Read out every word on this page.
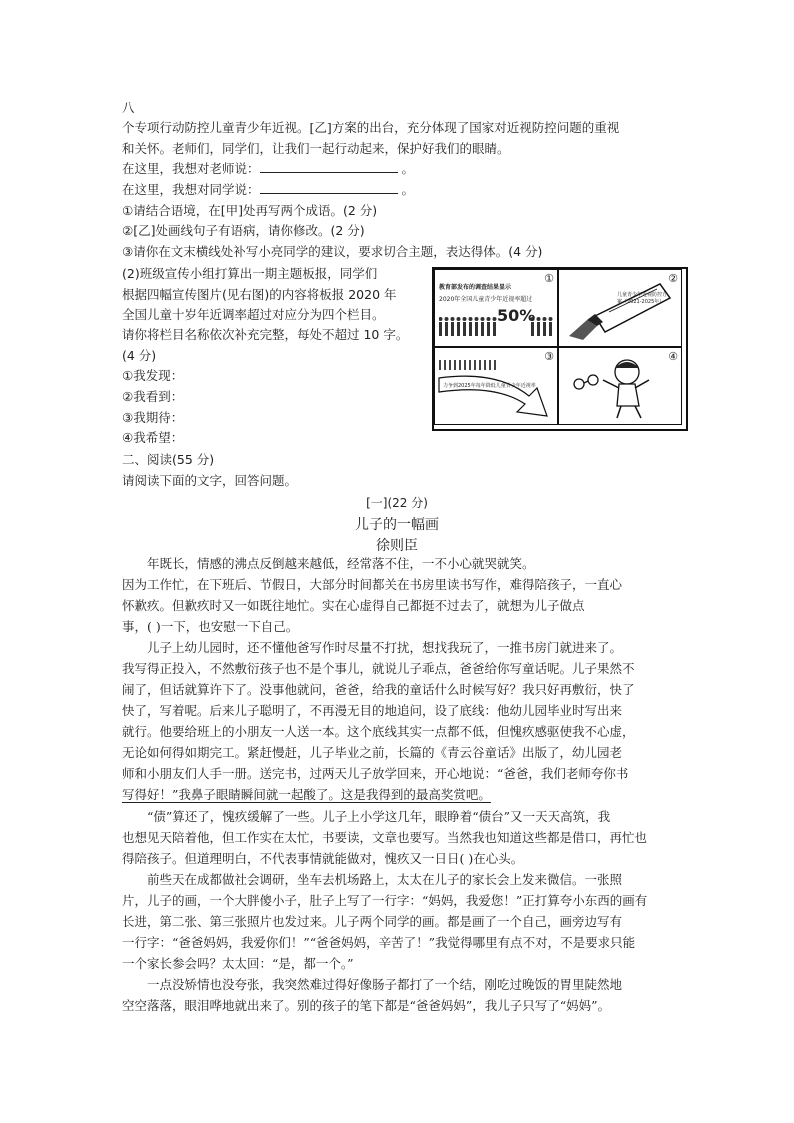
八
个专项行动防控儿童青少年近视。[乙]方案的出台，充分体现了国家对近视防控问题的重视
和关怀。老师们，同学们，让我们一起行动起来，保护好我们的眼睛。
在这里，我想对老师说：	。
在这里，我想对同学说：	。
①请结合语境，在[甲]处再写两个成语。(2 分)
②[乙]处画线句子有语病，请你修改。(2 分)
③请你在文末横线处补写小亮同学的建议，要求切合主题，表达得体。(4 分)
(2)班级宣传小组打算出一期主题板报，同学们
根据四幅宣传图片(见右图)的内容将板报 2020 年
全国儿童十岁年近调率超过对应分为四个栏目。
请你将栏目名称依次补充完整，每处不超过 10 字。
(4 分)
①我发现：
②我看到：
③我期待：
④我希望：
①
教育部发布的调查结果显示
2020年全国儿童青少年近视率超过
50%
②
儿童青少年近视防控方案（2021-2025年）
③
力争到2025年每年降低儿童青少年近视率
④
二、阅读(55 分)
请阅读下面的文字，回答问题。
[一](22 分)
儿子的一幅画
徐则臣
　　年既长，情感的沸点反倒越来越低，经常落不住，一不小心就哭就笑。
因为工作忙，在下班后、节假日，大部分时间都关在书房里读书写作，难得陪孩子，一直心
怀歉疚。但歉疚时又一如既往地忙。实在心虚得自己都挺不过去了，就想为儿子做点
事，( )一下，也安慰一下自己。
　　儿子上幼儿园时，还不懂他爸写作时尽量不打扰，想找我玩了，一推书房门就进来了。
我写得正投入，不然敷衍孩子也不是个事儿，就说儿子乖点，爸爸给你写童话呢。儿子果然不
闹了，但话就算许下了。没事他就问，爸爸，给我的童话什么时候写好？我只好再敷衍，快了
快了，写着呢。后来儿子聪明了，不再漫无目的地追问，设了底线：他幼儿园毕业时写出来
就行。他要给班上的小朋友一人送一本。这个底线其实一点都不低，但愧疚感驱使我不心虚，
无论如何得如期完工。紧赶慢赶，儿子毕业之前，长篇的《青云谷童话》出版了，幼儿园老
师和小朋友们人手一册。送完书，过两天儿子放学回来，开心地说：“爸爸，我们老师夸你书
写得好！”我鼻子眼睛瞬间就一起酸了。这是我得到的最高奖赏吧。
　　“债”算还了，愧疚缓解了一些。儿子上小学这几年，眼睁着“债台”又一天天高筑，我
也想见天陪着他，但工作实在太忙，书要读，文章也要写。当然我也知道这些都是借口，再忙也
得陪孩子。但道理明白，不代表事情就能做对，愧疚又一日日( )在心头。
　　前些天在成都做社会调研，坐车去机场路上，太太在儿子的家长会上发来微信。一张照
片，儿子的画，一个大胖傻小子，肚子上写了一行字：“妈妈，我爱您！”正打算夸小东西的画有
长进，第二张、第三张照片也发过来。儿子两个同学的画。都是画了一个自己，画旁边写有
一行字：“爸爸妈妈，我爱你们！”“爸爸妈妈，辛苦了！”我觉得哪里有点不对，不是要求只能
一个家长参会吗？太太回：“是，都一个。”
　　一点没矫情也没夸张，我突然难过得好像肠子都打了一个结，刚吃过晚饭的胃里陡然地
空空落落，眼泪哗地就出来了。别的孩子的笔下都是“爸爸妈妈”，我儿子只写了“妈妈”。
